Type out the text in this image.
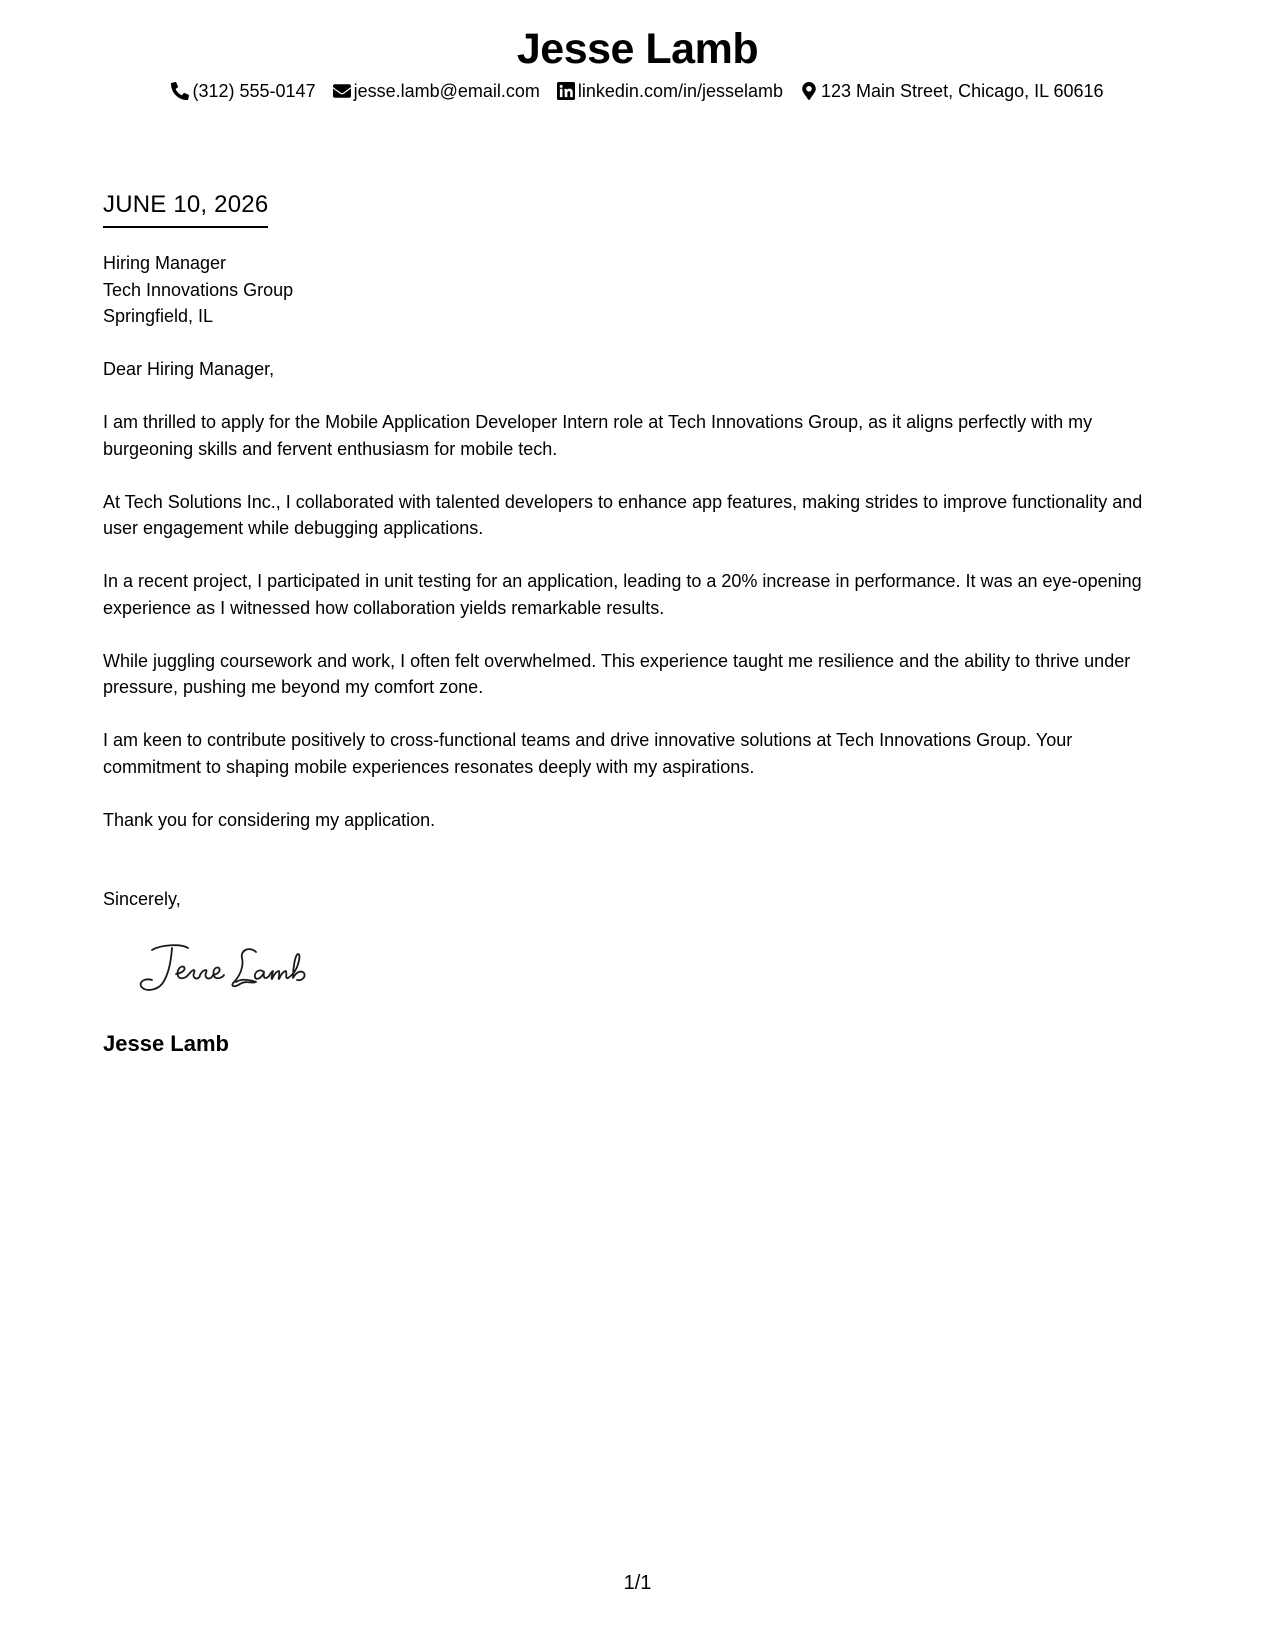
Jesse Lamb
(312) 555-0147 jesse.lamb@email.com linkedin.com/in/jesselamb 123 Main Street, Chicago, IL 60616
JUNE 10, 2026
Hiring Manager
Tech Innovations Group
Springfield, IL

Dear Hiring Manager,

I am thrilled to apply for the Mobile Application Developer Intern role at Tech Innovations Group, as it aligns perfectly with my burgeoning skills and fervent enthusiasm for mobile tech.

At Tech Solutions Inc., I collaborated with talented developers to enhance app features, making strides to improve functionality and user engagement while debugging applications.

In a recent project, I participated in unit testing for an application, leading to a 20% increase in performance. It was an eye-opening experience as I witnessed how collaboration yields remarkable results.

While juggling coursework and work, I often felt overwhelmed. This experience taught me resilience and the ability to thrive under pressure, pushing me beyond my comfort zone.

I am keen to contribute positively to cross-functional teams and drive innovative solutions at Tech Innovations Group. Your commitment to shaping mobile experiences resonates deeply with my aspirations.

Thank you for considering my application.

Sincerely,
Jesse Lamb
1/1
